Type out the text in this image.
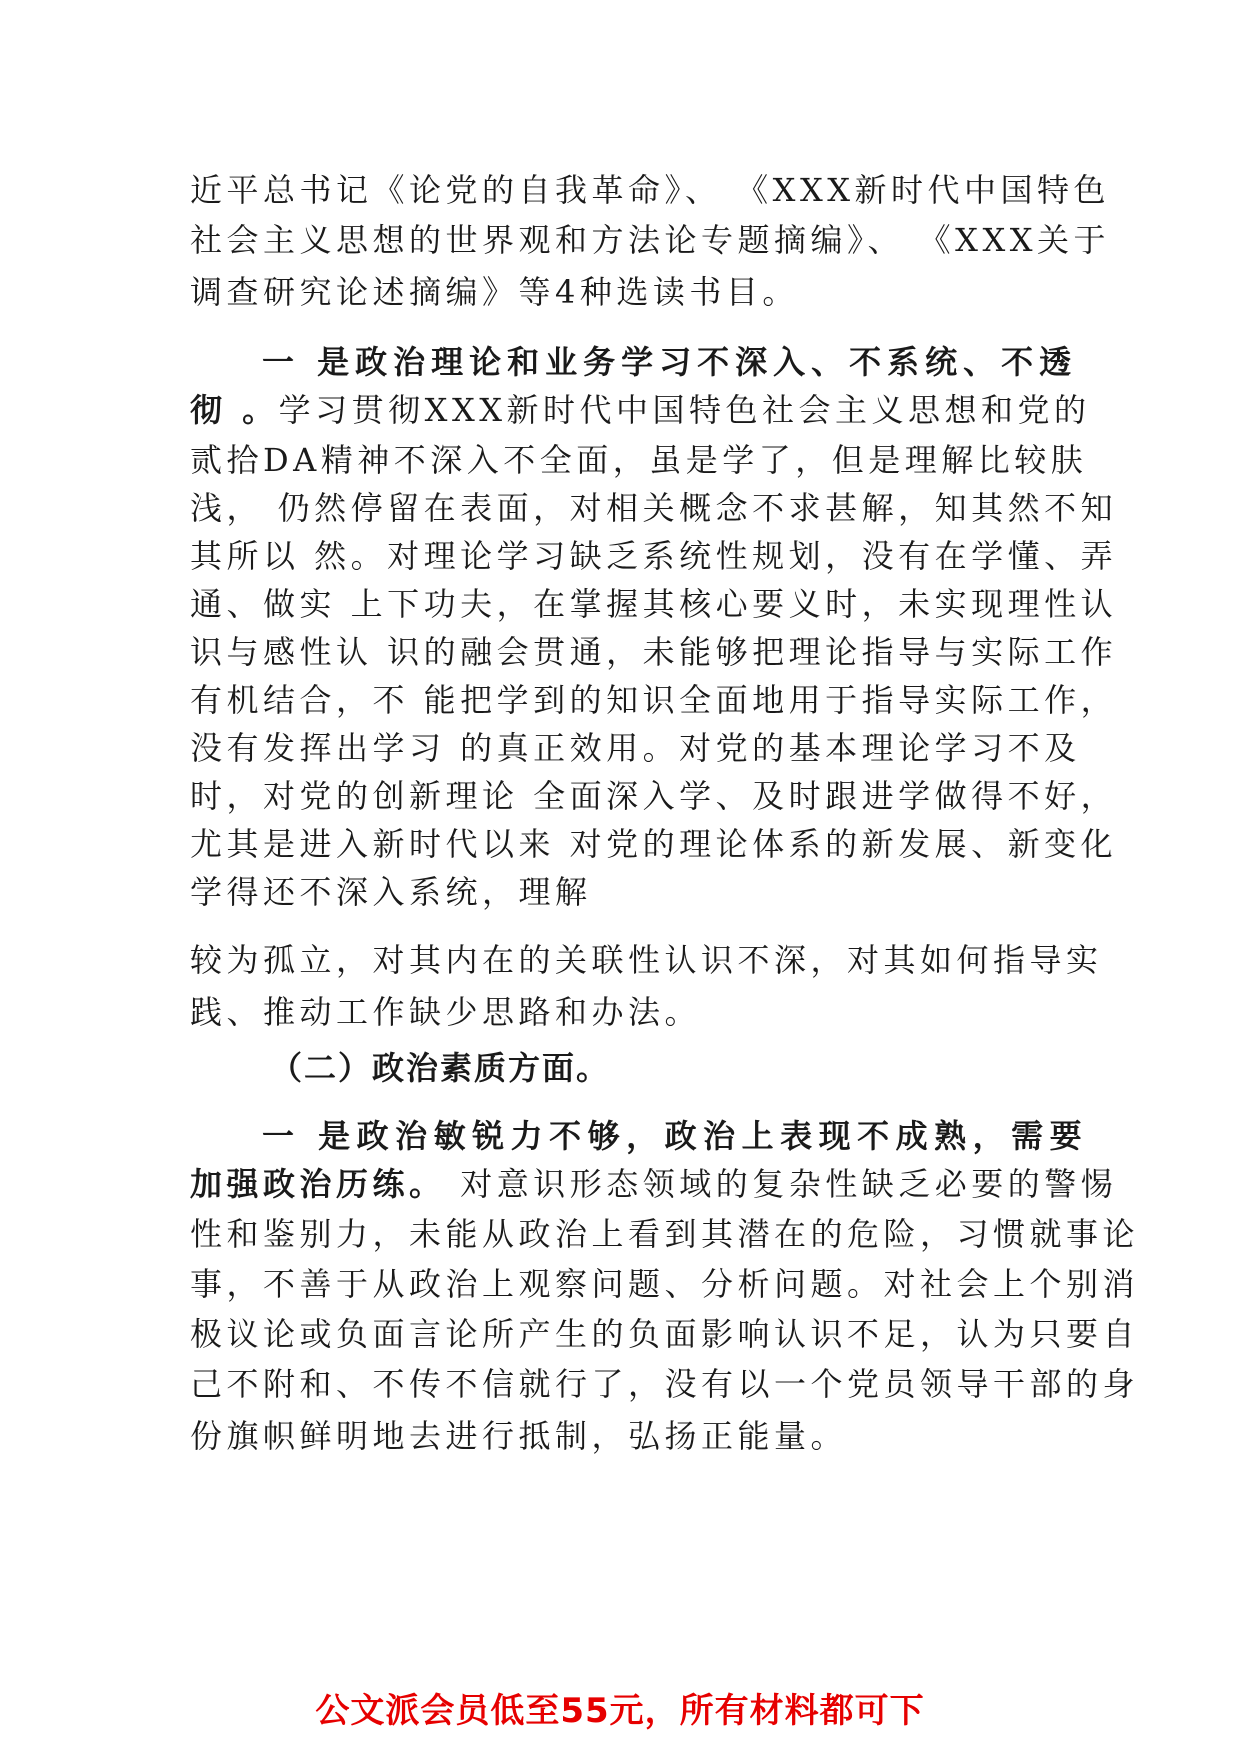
近平总书记《论党的自我革命》、 《XXX新时代中国特色
社会主义思想的世界观和方法论专题摘编》、 《XXX关于
调查研究论述摘编》等4种选读书目。
一 是政治理论和业务学习不深入、不系统、不透
彻 。学习贯彻XXX新时代中国特色社会主义思想和党的
贰拾DA精神不深入不全面，虽是学了，但是理解比较肤
浅， 仍然停留在表面，对相关概念不求甚解，知其然不知
其所以 然。对理论学习缺乏系统性规划，没有在学懂、弄
通、做实 上下功夫，在掌握其核心要义时，未实现理性认
识与感性认 识的融会贯通，未能够把理论指导与实际工作
有机结合，不 能把学到的知识全面地用于指导实际工作，
没有发挥出学习 的真正效用。对党的基本理论学习不及
时，对党的创新理论 全面深入学、及时跟进学做得不好，
尤其是进入新时代以来 对党的理论体系的新发展、新变化
学得还不深入系统，理解
较为孤立，对其内在的关联性认识不深，对其如何指导实
践、推动工作缺少思路和办法。
（二）政治素质方面。
一 是政治敏锐力不够，政治上表现不成熟，需要
加强政治历练。 对意识形态领域的复杂性缺乏必要的警惕
性和鉴别力，未能从政治上看到其潜在的危险，习惯就事论
事，不善于从政治上观察问题、分析问题。对社会上个别消
极议论或负面言论所产生的负面影响认识不足，认为只要自
己不附和、不传不信就行了，没有以一个党员领导干部的身
份旗帜鲜明地去进行抵制，弘扬正能量。
公文派会员低至55元，所有材料都可下
